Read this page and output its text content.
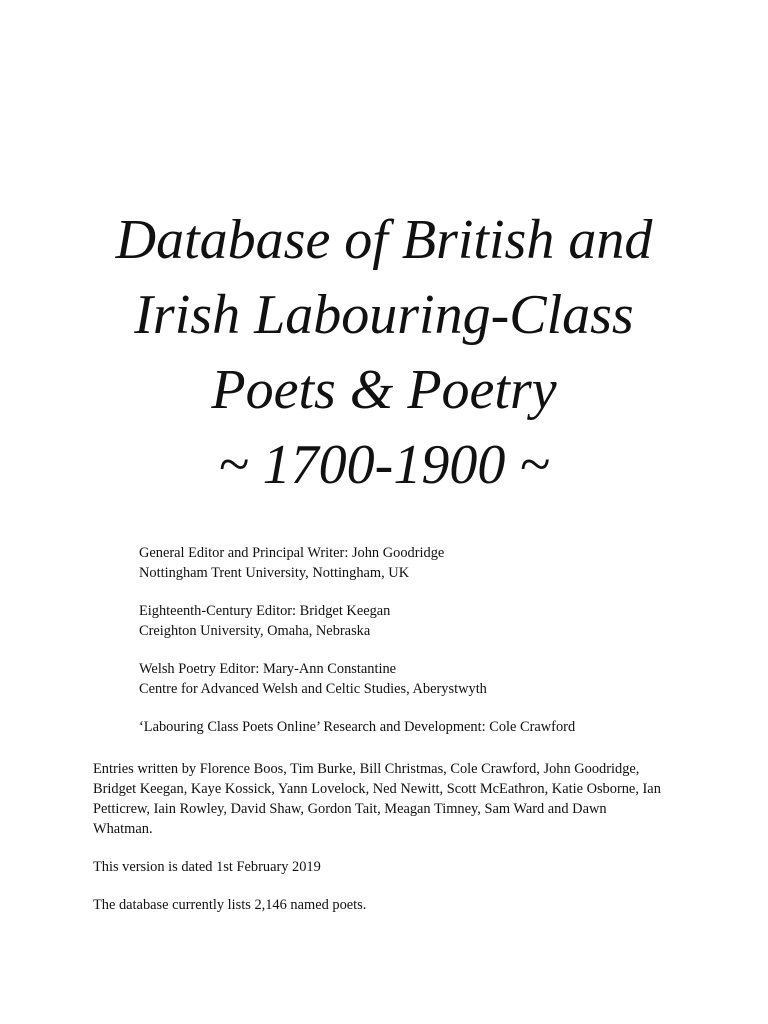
Database of British and
Irish Labouring-Class
Poets & Poetry
~ 1700-1900 ~
General Editor and Principal Writer: John Goodridge
Nottingham Trent University, Nottingham, UK
Eighteenth-Century Editor: Bridget Keegan
Creighton University, Omaha, Nebraska
Welsh Poetry Editor: Mary-Ann Constantine
Centre for Advanced Welsh and Celtic Studies, Aberystwyth
‘Labouring Class Poets Online’ Research and Development: Cole Crawford

Entries written by Florence Boos, Tim Burke, Bill Christmas, Cole Crawford, John Goodridge, Bridget Keegan, Kaye Kossick, Yann Lovelock, Ned Newitt, Scott McEathron, Katie Osborne, Ian Petticrew, Iain Rowley, David Shaw, Gordon Tait, Meagan Timney, Sam Ward and Dawn Whatman.

This version is dated 1st February 2019

The database currently lists 2,146 named poets.
